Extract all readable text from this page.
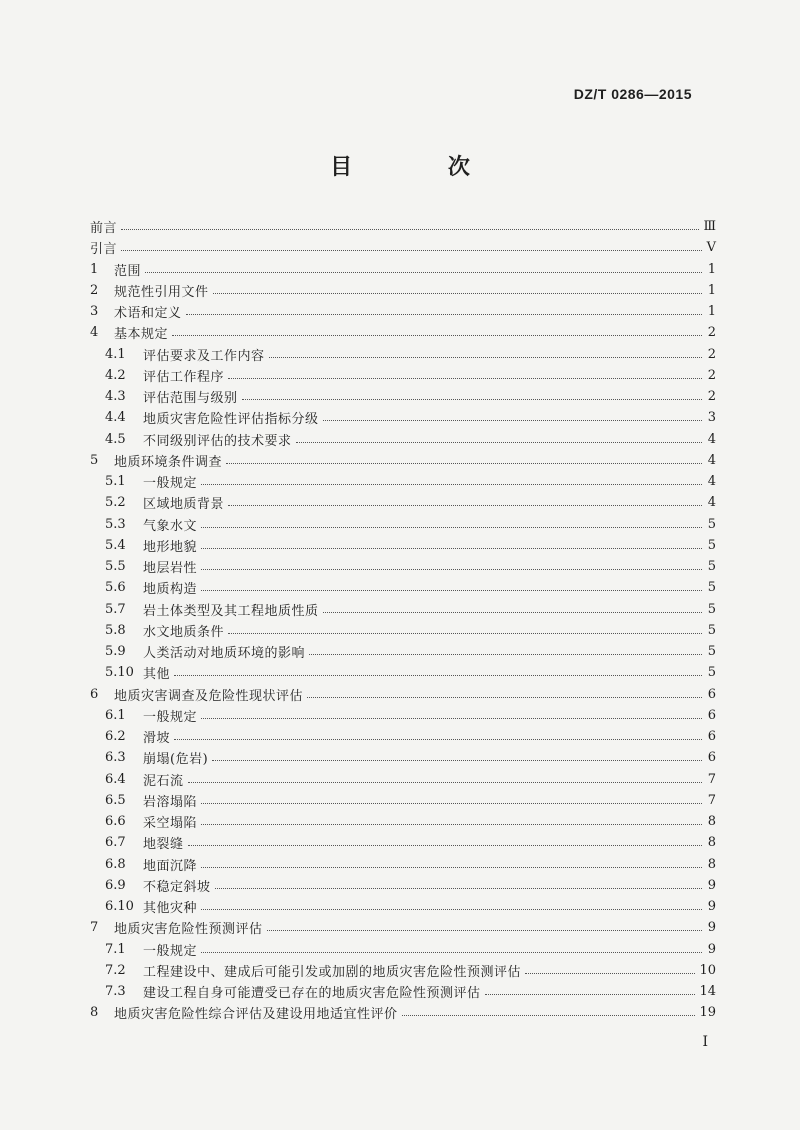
DZ/T 0286—2015
目 次
前言	Ⅲ
引言	Ⅴ
1	范围	1
2	规范性引用文件	1
3	术语和定义	1
4	基本规定	2
4.1	评估要求及工作内容	2
4.2	评估工作程序	2
4.3	评估范围与级别	2
4.4	地质灾害危险性评估指标分级	3
4.5	不同级别评估的技术要求	4
5	地质环境条件调查	4
5.1	一般规定	4
5.2	区域地质背景	4
5.3	气象水文	5
5.4	地形地貌	5
5.5	地层岩性	5
5.6	地质构造	5
5.7	岩土体类型及其工程地质性质	5
5.8	水文地质条件	5
5.9	人类活动对地质环境的影响	5
5.10 其他	5
6	地质灾害调查及危险性现状评估	6
6.1	一般规定	6
6.2	滑坡	6
6.3	崩塌(危岩)	6
6.4	泥石流	7
6.5	岩溶塌陷	7
6.6	采空塌陷	8
6.7	地裂缝	8
6.8	地面沉降	8
6.9	不稳定斜坡	9
6.10 其他灾种	9
7	地质灾害危险性预测评估	9
7.1	一般规定	9
7.2	工程建设中、建成后可能引发或加剧的地质灾害危险性预测评估	10
7.3	建设工程自身可能遭受已存在的地质灾害危险性预测评估	14
8	地质灾害危险性综合评估及建设用地适宜性评价	19
I
